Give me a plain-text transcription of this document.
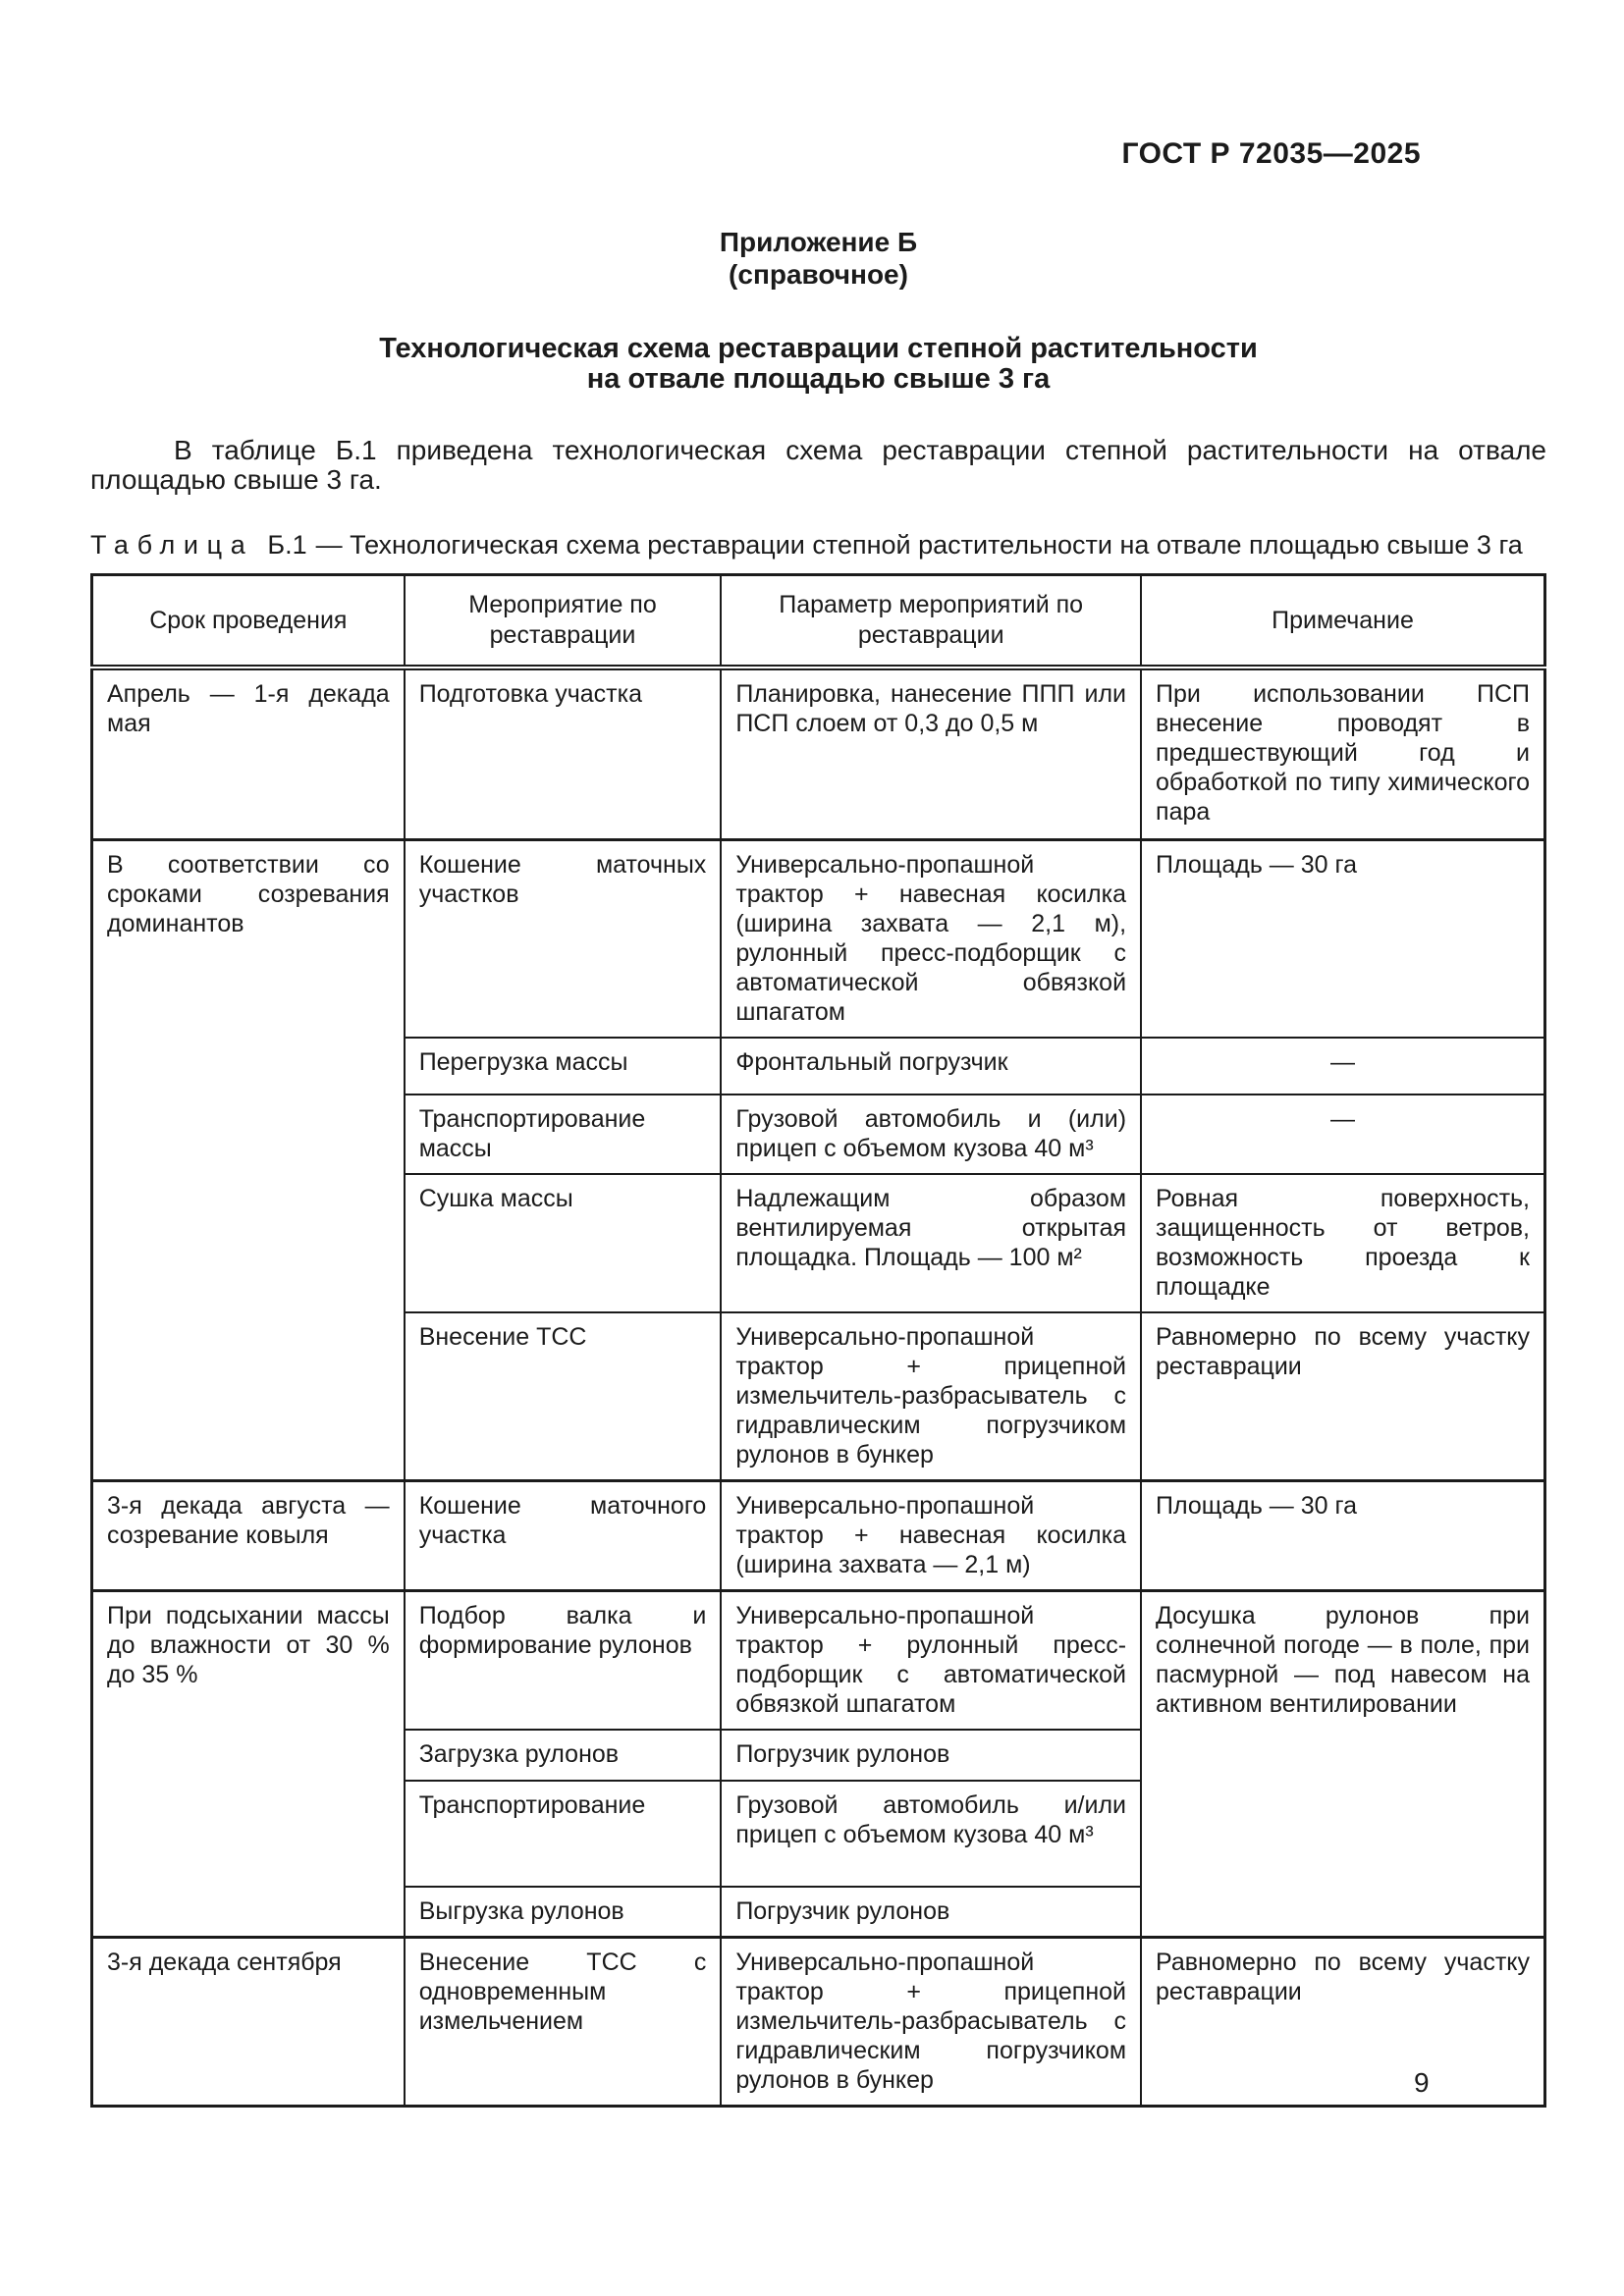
ГОСТ Р 72035—2025
Приложение Б
(справочное)
Технологическая схема реставрации степной растительности
на отвале площадью свыше 3 га

В таблице Б.1 приведена технологическая схема реставрации степной растительности на отвале площадью свыше 3 га.

Таблица Б.1 — Технологическая схема реставрации степной растительности на отвале площадью свыше 3 га
Срок проведения	Мероприятие по реставрации	Параметр мероприятий по реставрации	Примечание
Апрель — 1-я декада мая	Подготовка участка	Планировка, нанесение ППП или ПСП слоем от 0,3 до 0,5 м	При использовании ПСП внесение проводят в предшествующий год и обработкой по типу химического пара
В соответствии со сроками созревания доминантов	Кошение маточных участков	Универсально-пропашной трактор + навесная косилка (ширина захвата — 2,1 м), рулонный пресс-подборщик с автоматической обвязкой шпагатом	Площадь — 30 га
	Перегрузка массы	Фронтальный погрузчик	—
	Транспортирование массы	Грузовой автомобиль и (или) прицеп с объемом кузова 40 м³	—
	Сушка массы	Надлежащим образом вентилируемая открытая площадка. Площадь — 100 м²	Ровная поверхность, защищенность от ветров, возможность проезда к площадке
	Внесение ТСС	Универсально-пропашной трактор + прицепной измельчитель-разбрасыватель с гидравлическим погрузчиком рулонов в бункер	Равномерно по всему участку реставрации
3-я декада августа — созревание ковыля	Кошение маточного участка	Универсально-пропашной трактор + навесная косилка (ширина захвата — 2,1 м)	Площадь — 30 га
При подсыхании массы до влажности от 30 % до 35 %	Подбор валка и формирование рулонов	Универсально-пропашной трактор + рулонный пресс-подборщик с автоматической обвязкой шпагатом	Досушка рулонов при солнечной погоде — в поле, при пасмурной — под навесом на активном вентилировании
	Загрузка рулонов	Погрузчик рулонов	
	Транспортирование	Грузовой автомобиль и/или прицеп с объемом кузова 40 м³	
	Выгрузка рулонов	Погрузчик рулонов	
3-я декада сентября	Внесение ТСС с одновременным измельчением	Универсально-пропашной трактор + прицепной измельчитель-разбрасыватель с гидравлическим погрузчиком рулонов в бункер	Равномерно по всему участку реставрации
9
